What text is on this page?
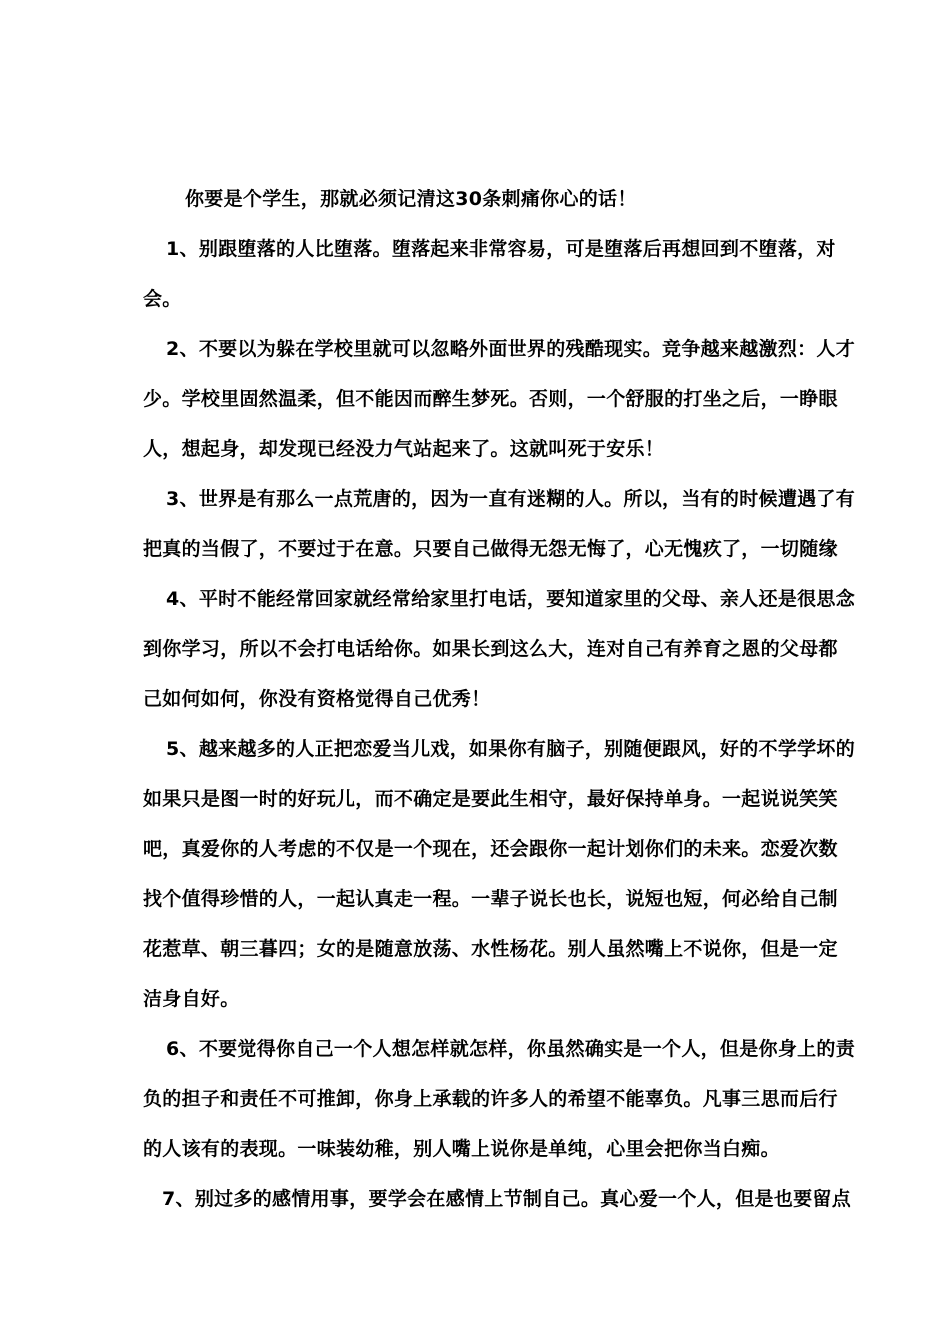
你要是个学生，那就必须记清这30条刺痛你心的话！
1、别跟堕落的人比堕落。堕落起来非常容易，可是堕落后再想回到不堕落，对
会。
2、不要以为躲在学校里就可以忽略外面世界的残酷现实。竞争越来越激烈：人才
少。学校里固然温柔，但不能因而醉生梦死。否则，一个舒服的打坐之后，一睁眼
人，想起身，却发现已经没力气站起来了。这就叫死于安乐！
3、世界是有那么一点荒唐的，因为一直有迷糊的人。所以，当有的时候遭遇了有
把真的当假了，不要过于在意。只要自己做得无怨无悔了，心无愧疚了，一切随缘
4、平时不能经常回家就经常给家里打电话，要知道家里的父母、亲人还是很思念
到你学习，所以不会打电话给你。如果长到这么大，连对自己有养育之恩的父母都
己如何如何，你没有资格觉得自己优秀！
5、越来越多的人正把恋爱当儿戏，如果你有脑子，别随便跟风，好的不学学坏的
如果只是图一时的好玩儿，而不确定是要此生相守，最好保持单身。一起说说笑笑
吧，真爱你的人考虑的不仅是一个现在，还会跟你一起计划你们的未来。恋爱次数
找个值得珍惜的人，一起认真走一程。一辈子说长也长，说短也短，何必给自己制
花惹草、朝三暮四；女的是随意放荡、水性杨花。别人虽然嘴上不说你，但是一定
洁身自好。
6、不要觉得你自己一个人想怎样就怎样，你虽然确实是一个人，但是你身上的责
负的担子和责任不可推卸，你身上承载的许多人的希望不能辜负。凡事三思而后行
的人该有的表现。一味装幼稚，别人嘴上说你是单纯，心里会把你当白痴。
7、别过多的感情用事，要学会在感情上节制自己。真心爱一个人，但是也要留点
